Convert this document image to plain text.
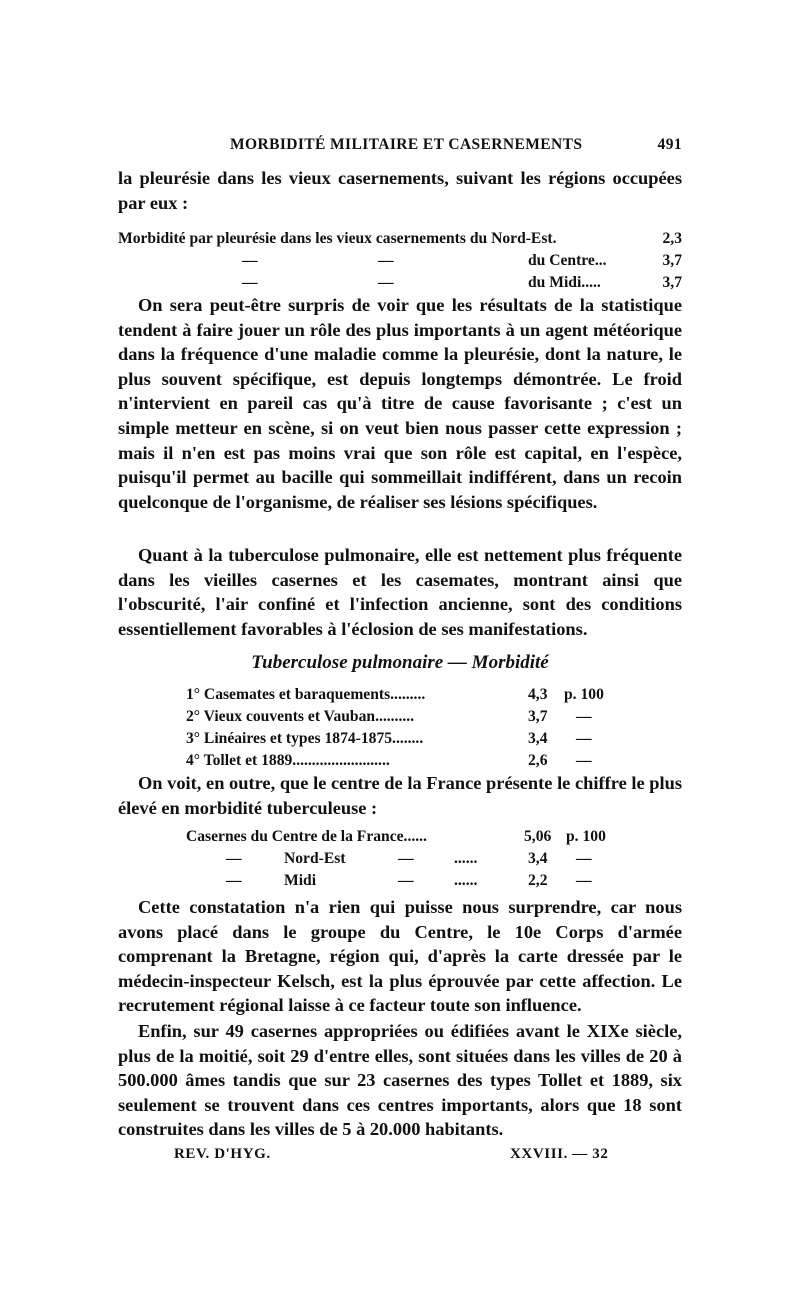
MORBIDITÉ MILITAIRE ET CASERNEMENTS	491

la pleurésie dans les vieux casernements, suivant les régions occupées par eux :

Morbidité par pleurésie dans les vieux casernements du Nord-Est.	2,3
—	—	du Centre...	3,7
—	—	du Midi.....	3,7

On sera peut-être surpris de voir que les résultats de la statistique tendent à faire jouer un rôle des plus importants à un agent météorique dans la fréquence d'une maladie comme la pleurésie, dont la nature, le plus souvent spécifique, est depuis longtemps démontrée. Le froid n'intervient en pareil cas qu'à titre de cause favorisante ; c'est un simple metteur en scène, si on veut bien nous passer cette expression ; mais il n'en est pas moins vrai que son rôle est capital, en l'espèce, puisqu'il permet au bacille qui sommeillait indifférent, dans un recoin quelconque de l'organisme, de réaliser ses lésions spécifiques.

Quant à la tuberculose pulmonaire, elle est nettement plus fréquente dans les vieilles casernes et les casemates, montrant ainsi que l'obscurité, l'air confiné et l'infection ancienne, sont des conditions essentiellement favorables à l'éclosion de ses manifestations.

Tuberculose pulmonaire — Morbidité
1° Casemates et baraquements.........	4,3 p. 100
2° Vieux couvents et Vauban..........	3,7 —
3° Linéaires et types 1874-1875........	3,4 —
4° Tollet et 1889.........................	2,6 —

On voit, en outre, que le centre de la France présente le chiffre le plus élevé en morbidité tuberculeuse :

Casernes du Centre de la France......	5,06 p. 100
—	Nord-Est	—	......	3,4 —
—	Midi	—	......	2,2 —

Cette constatation n'a rien qui puisse nous surprendre, car nous avons placé dans le groupe du Centre, le 10e Corps d'armée comprenant la Bretagne, région qui, d'après la carte dressée par le médecin-inspecteur Kelsch, est la plus éprouvée par cette affection. Le recrutement régional laisse à ce facteur toute son influence.

Enfin, sur 49 casernes appropriées ou édifiées avant le XIXe siècle, plus de la moitié, soit 29 d'entre elles, sont situées dans les villes de 20 à 500.000 âmes tandis que sur 23 casernes des types Tollet et 1889, six seulement se trouvent dans ces centres importants, alors que 18 sont construites dans les villes de 5 à 20.000 habitants.

REV. D'HYG.	XXVIII. — 32
